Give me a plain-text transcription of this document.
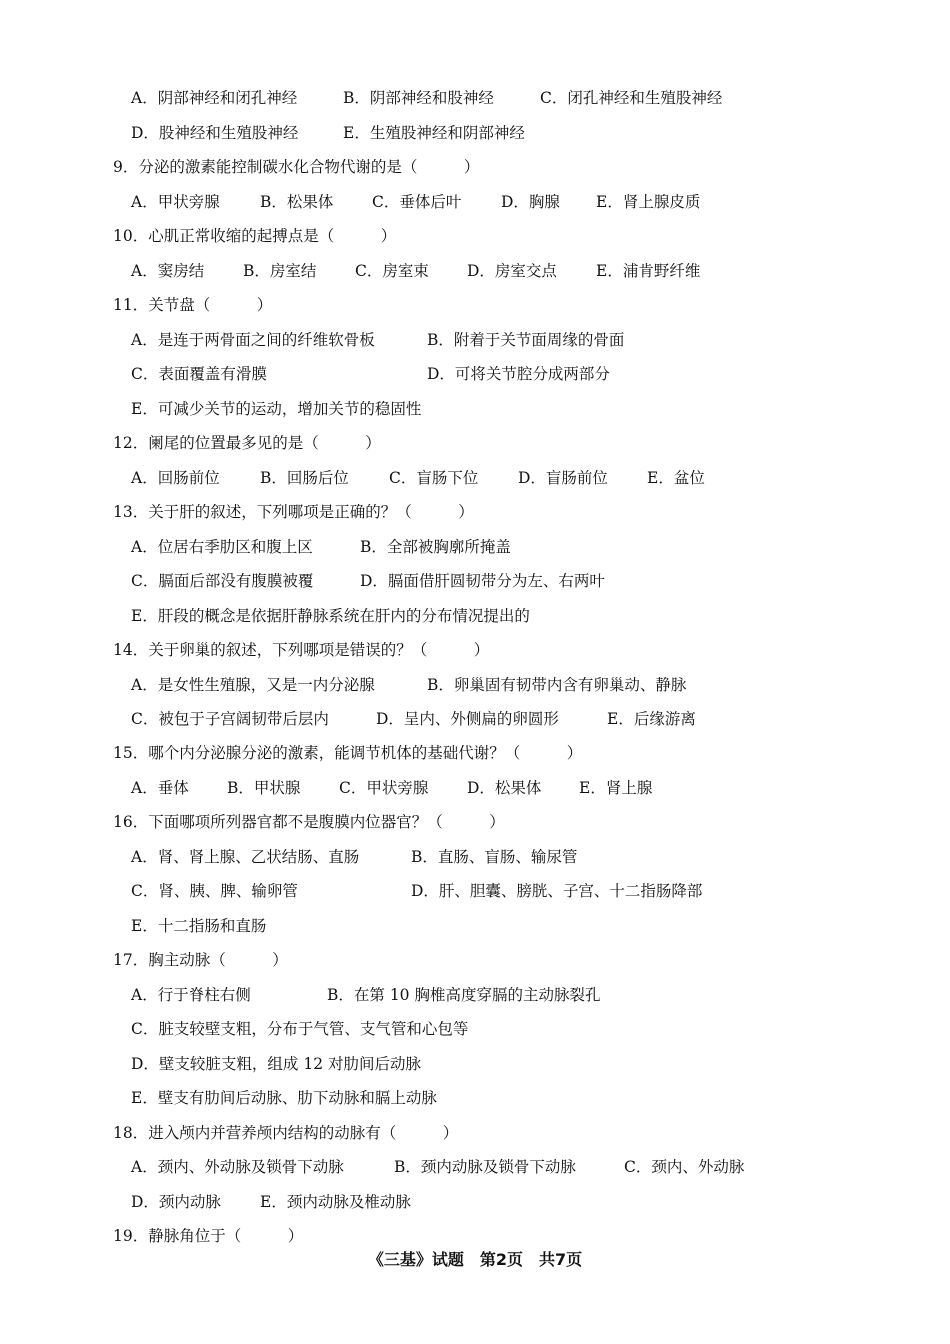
A．阴部神经和闭孔神经	B．阴部神经和股神经	C．闭孔神经和生殖股神经
D．股神经和生殖股神经	E．生殖股神经和阴部神经
9．分泌的激素能控制碳水化合物代谢的是（　　　）
A．甲状旁腺	B．松果体 C．垂体后叶	D．胸腺 E．肾上腺皮质
10．心肌正常收缩的起搏点是（　　　）
A．窦房结	B．房室结 C．房室束 D．房室交点	E．浦肯野纤维
11．关节盘（　　　）
A．是连于两骨面之间的纤维软骨板	B．附着于关节面周缘的骨面
C．表面覆盖有滑膜	D．可将关节腔分成两部分
E．可减少关节的运动，增加关节的稳固性
12．阑尾的位置最多见的是（　　　）
A．回肠前位	B．回肠后位	C．盲肠下位	D．盲肠前位	E．盆位
13．关于肝的叙述，下列哪项是正确的？（　　　）
A．位居右季肋区和腹上区	B．全部被胸廓所掩盖
C．膈面后部没有腹膜被覆	D．膈面借肝圆韧带分为左、右两叶
E．肝段的概念是依据肝静脉系统在肝内的分布情况提出的
14．关于卵巢的叙述，下列哪项是错误的？（　　　）
A．是女性生殖腺，又是一内分泌腺	B．卵巢固有韧带内含有卵巢动、静脉
C．被包于子宫阔韧带后层内	D．呈内、外侧扁的卵圆形	E．后缘游离
15．哪个内分泌腺分泌的激素，能调节机体的基础代谢？（　　　）
A．垂体 B．甲状腺 C．甲状旁腺 D．松果体 E．肾上腺
16．下面哪项所列器官都不是腹膜内位器官？（　　　）
A．肾、肾上腺、乙状结肠、直肠	B．直肠、盲肠、输尿管
C．肾、胰、脾、输卵管	D．肝、胆囊、膀胱、子宫、十二指肠降部
E．十二指肠和直肠
17．胸主动脉（　　　）
A．行于脊柱右侧	B．在第 10 胸椎高度穿膈的主动脉裂孔
C．脏支较壁支粗，分布于气管、支气管和心包等
D．壁支较脏支粗，组成 12 对肋间后动脉
E．壁支有肋间后动脉、肋下动脉和膈上动脉
18．进入颅内并营养颅内结构的动脉有（　　　）
A．颈内、外动脉及锁骨下动脉	B．颈内动脉及锁骨下动脉	C．颈内、外动脉
D．颈内动脉	E．颈内动脉及椎动脉
19．静脉角位于（　　　）
《三基》试题 第2页 共7页
